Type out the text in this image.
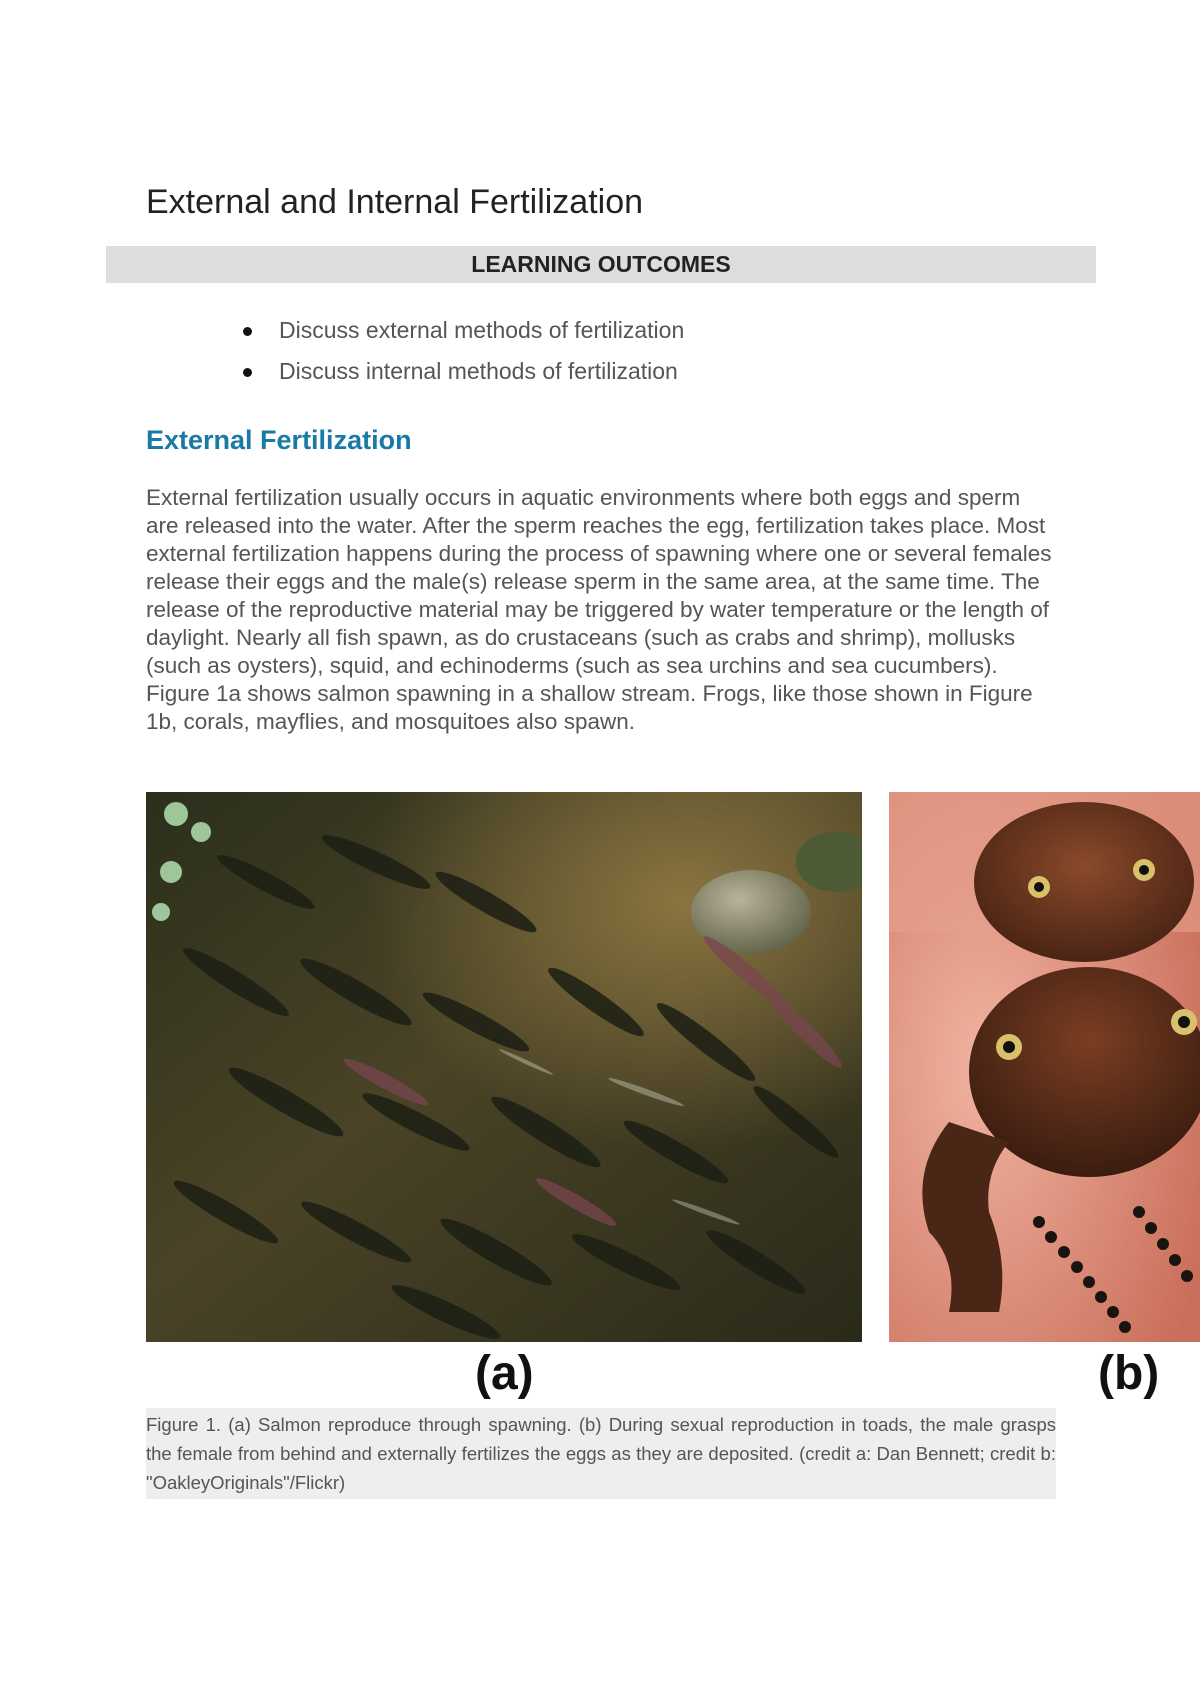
External and Internal Fertilization
LEARNING OUTCOMES
Discuss external methods of fertilization
Discuss internal methods of fertilization
External Fertilization

External fertilization usually occurs in aquatic environments where both eggs and sperm are released into the water. After the sperm reaches the egg, fertilization takes place. Most external fertilization happens during the process of spawning where one or several females release their eggs and the male(s) release sperm in the same area, at the same time. The release of the reproductive material may be triggered by water temperature or the length of daylight. Nearly all fish spawn, as do crustaceans (such as crabs and shrimp), mollusks (such as oysters), squid, and echinoderms (such as sea urchins and sea cucumbers). Figure 1a shows salmon spawning in a shallow stream. Frogs, like those shown in Figure 1b, corals, mayflies, and mosquitoes also spawn.

(a)	(b)

Figure 1. (a) Salmon reproduce through spawning. (b) During sexual reproduction in toads, the male grasps the female from behind and externally fertilizes the eggs as they are deposited. (credit a: Dan Bennett; credit b: "OakleyOriginals"/Flickr)
